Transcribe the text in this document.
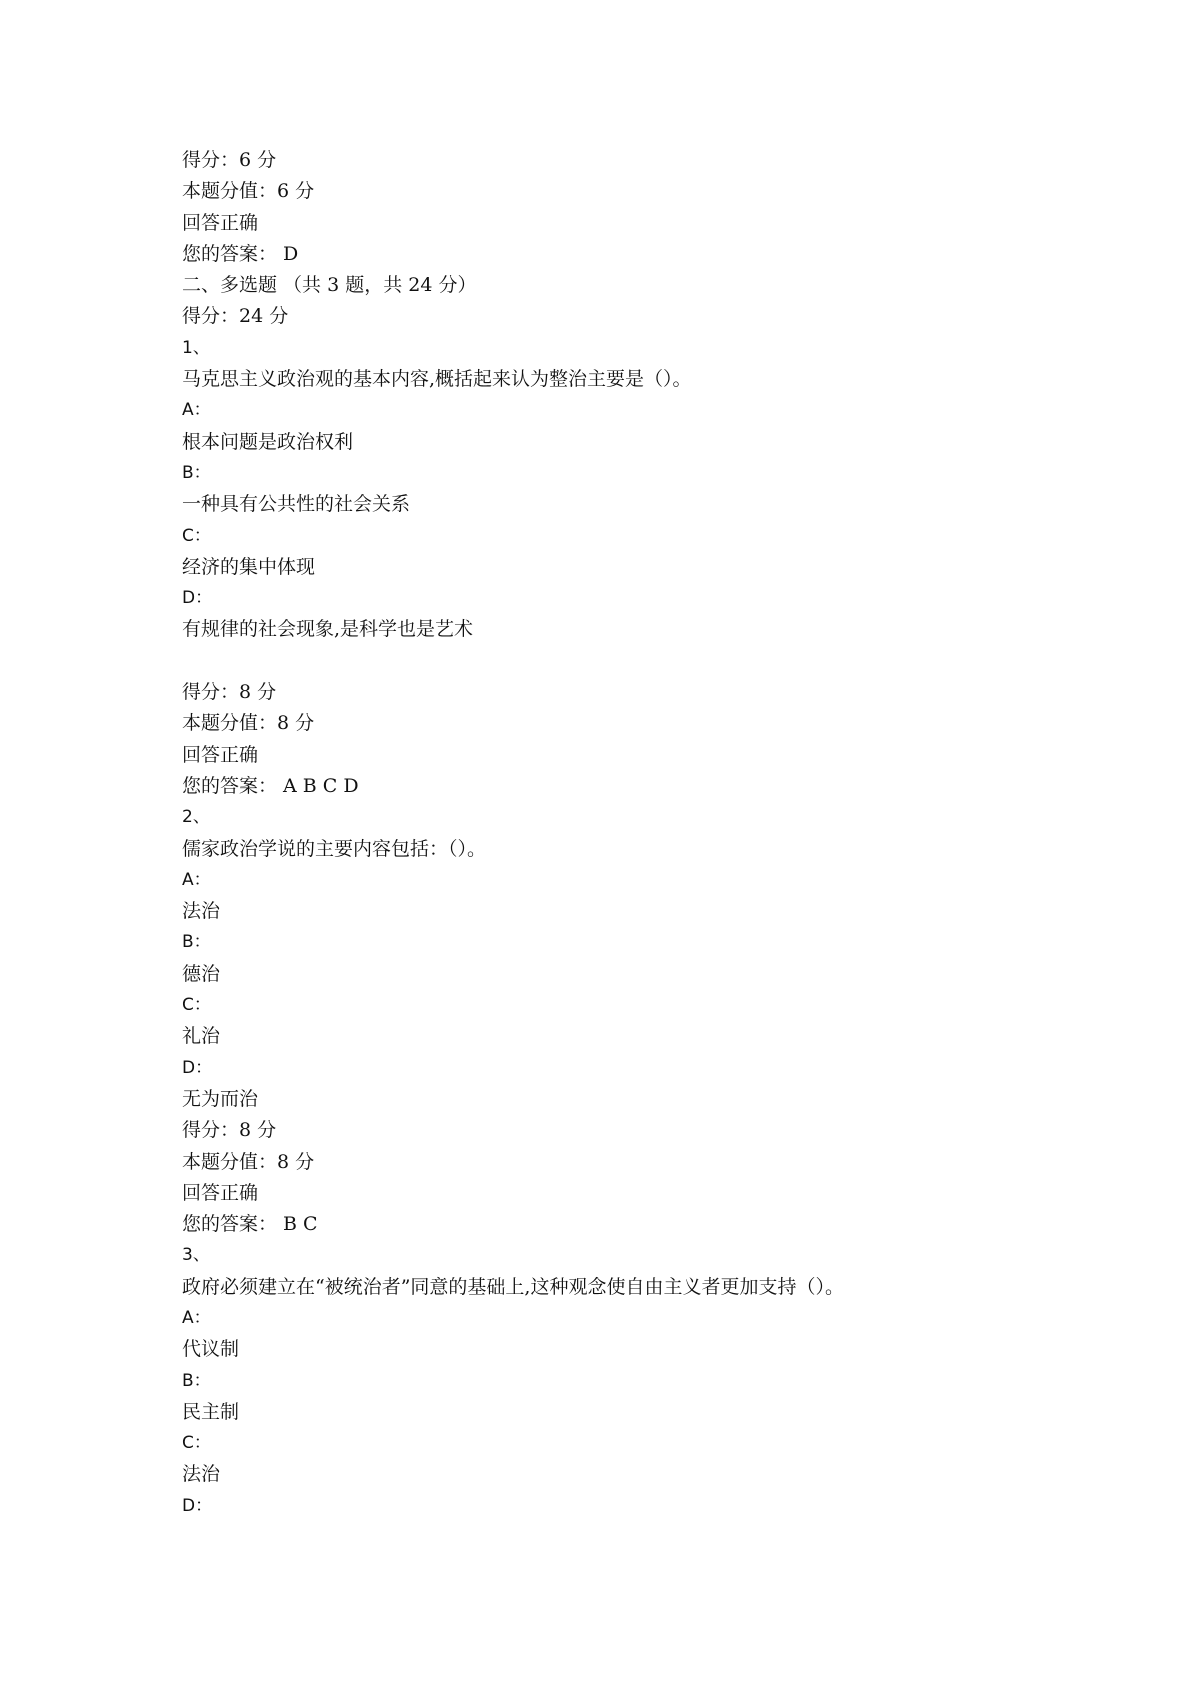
得分：6 分
本题分值：6 分
回答正确
您的答案： D
二、多选题 （共 3 题，共 24 分）
得分：24 分
1、
马克思主义政治观的基本内容,概括起来认为整治主要是（）。
A：
根本问题是政治权利
B：
一种具有公共性的社会关系
C：
经济的集中体现
D：
有规律的社会现象,是科学也是艺术
得分：8 分
本题分值：8 分
回答正确
您的答案： A B C D
2、
儒家政治学说的主要内容包括：（）。
A：
法治
B：
德治
C：
礼治
D：
无为而治
得分：8 分
本题分值：8 分
回答正确
您的答案： B C
3、
政府必须建立在“被统治者”同意的基础上,这种观念使自由主义者更加支持（）。
A：
代议制
B：
民主制
C：
法治
D：
